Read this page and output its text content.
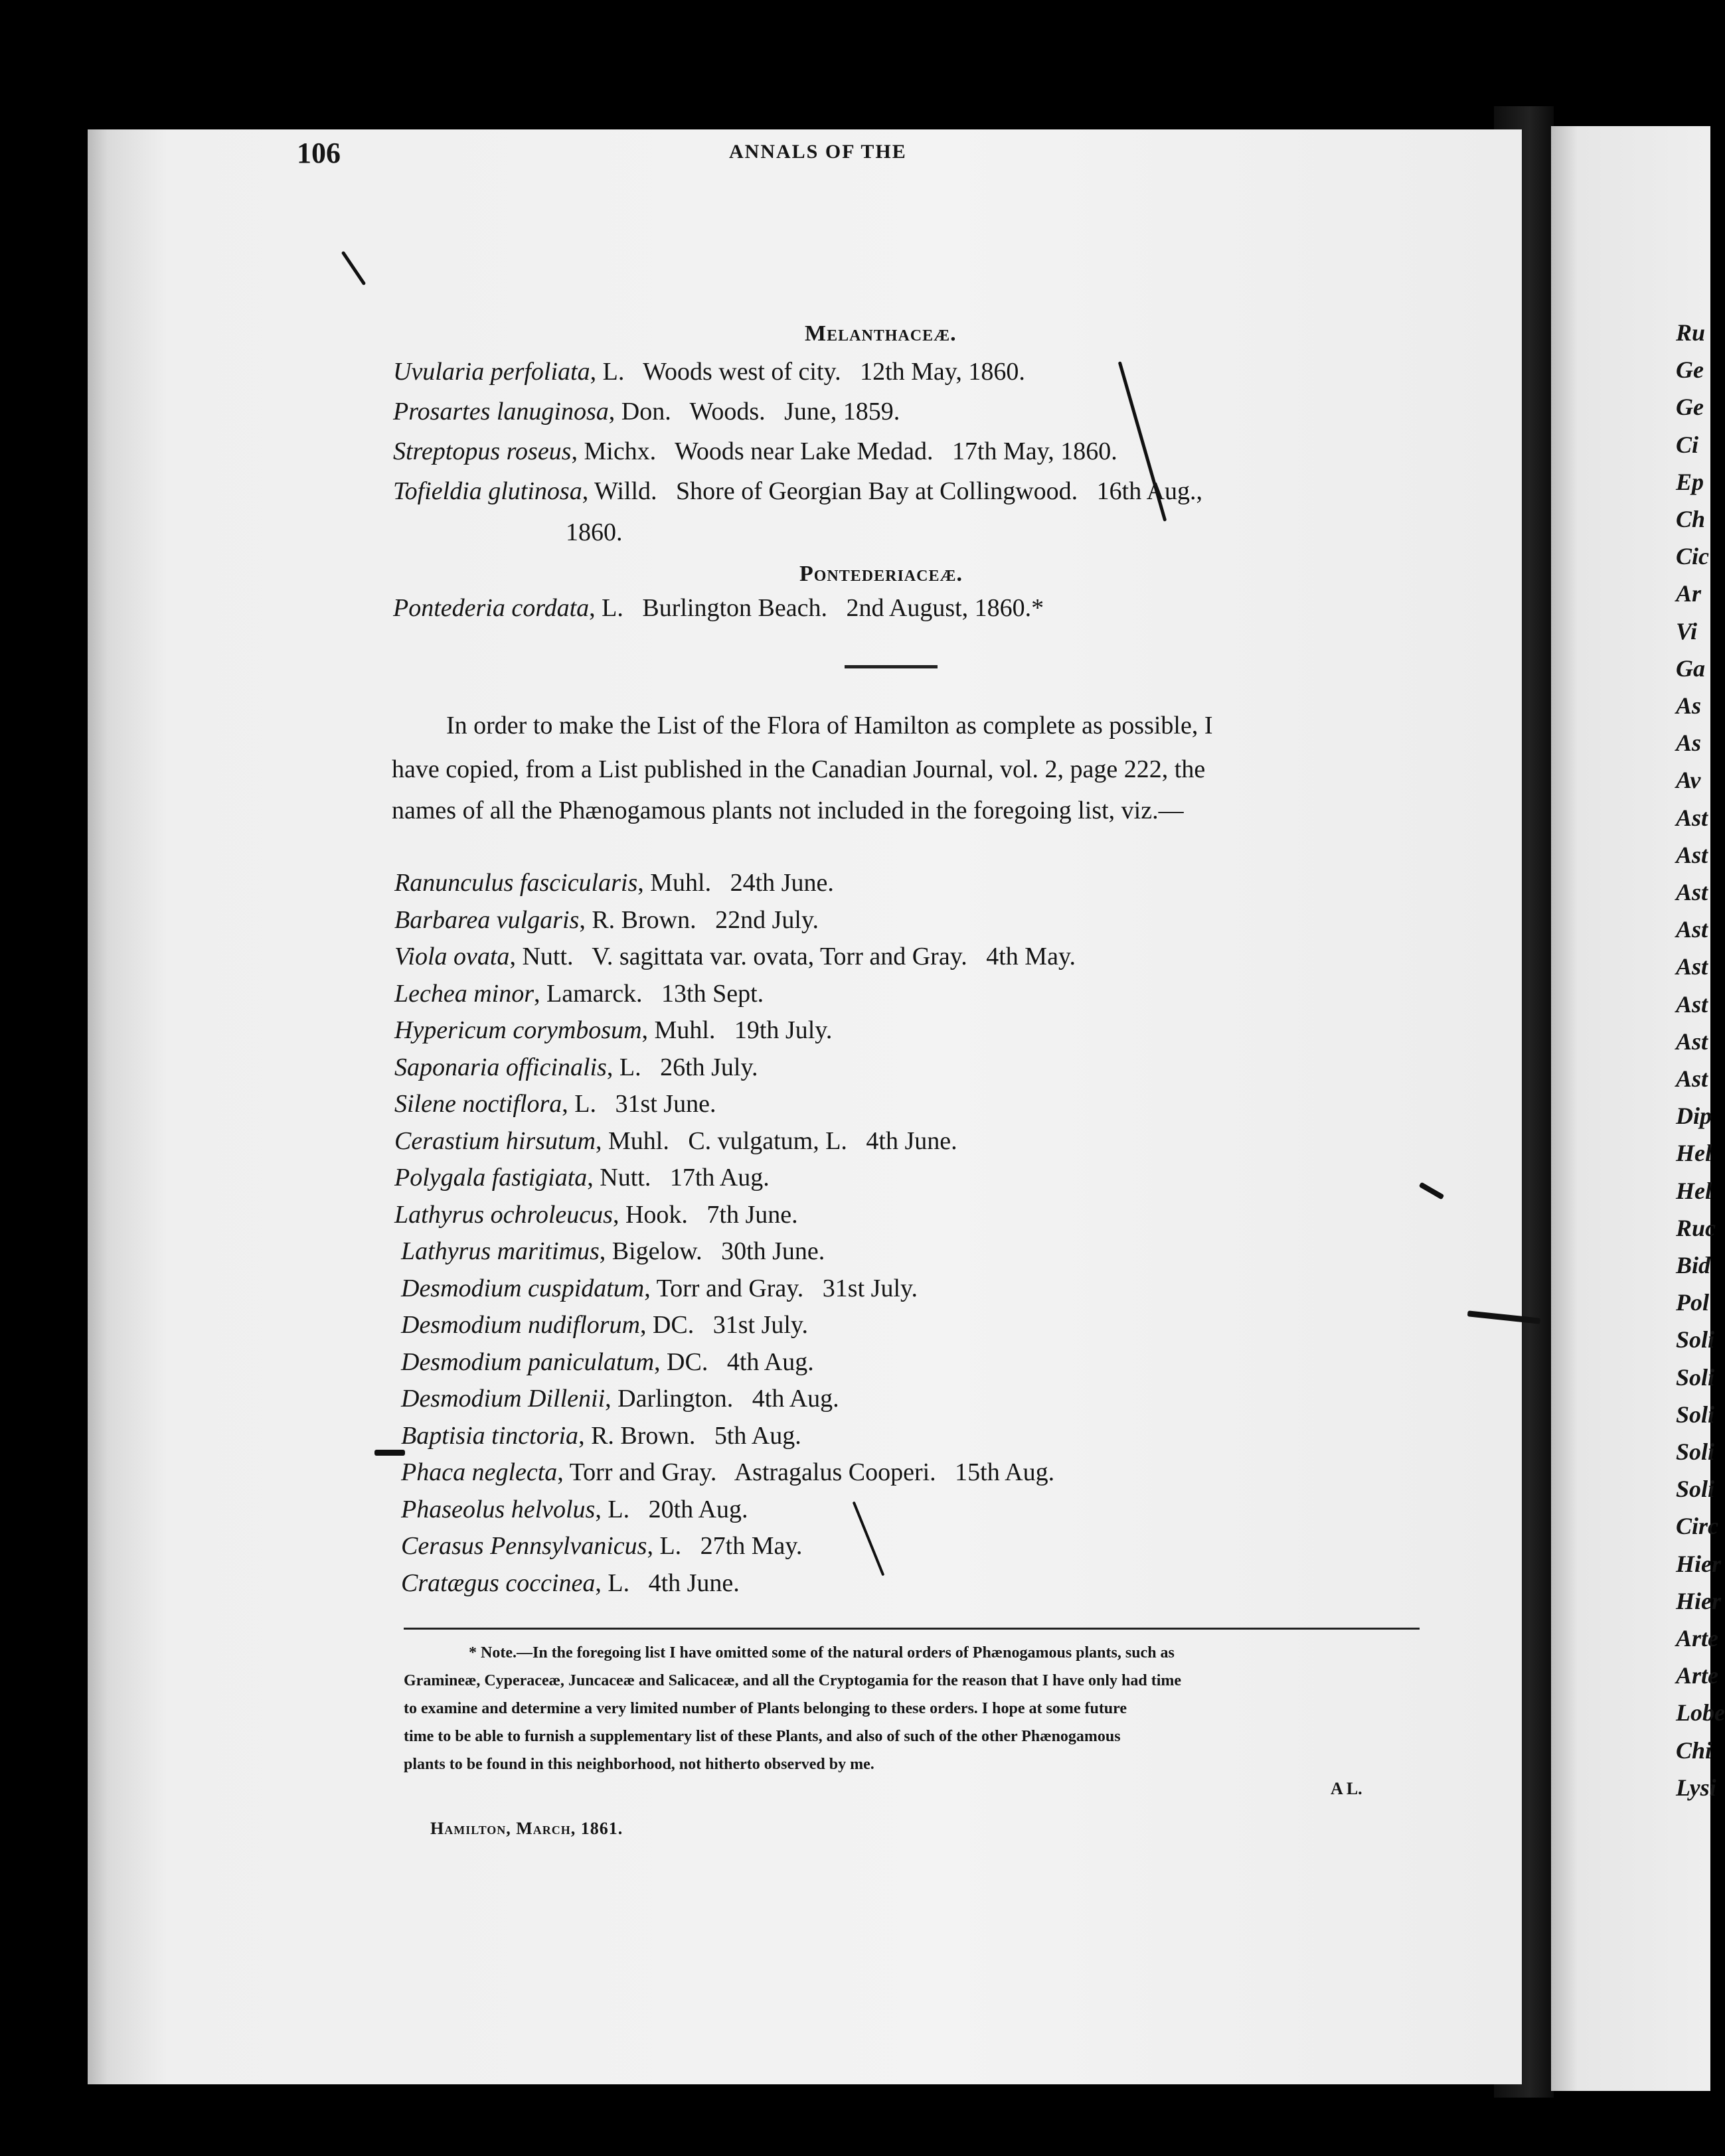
Ru
Ge
Ge
Ci
Ep
Ch
Cic
Ar
Vi
Ga
As
As
Av
Ast
Ast
Ast
Ast
Ast
Ast
Ast
Ast
Dip
Hel
Hel
Ruc
Bid
Pol
Soli
Soli
Soli
Soli
Soli
Circ
Hier
Hier
Arte
Arte
Lobe
Chi
Lysi
106	ANNALS OF THE
Melanthaceæ.
Uvularia perfoliata, L.   Woods west of city.   12th May, 1860.
Prosartes lanuginosa, Don.   Woods.   June, 1859.
Streptopus roseus, Michx.   Woods near Lake Medad.   17th May, 1860.
Tofieldia glutinosa, Willd.   Shore of Georgian Bay at Collingwood.   16th Aug.,
1860.
Pontederiaceæ.
Pontederia cordata, L.   Burlington Beach.   2nd August, 1860.*
In order to make the List of the Flora of Hamilton as complete as possible, I
have copied, from a List published in the Canadian Journal, vol. 2, page 222, the
names of all the Phænogamous plants not included in the foregoing list, viz.—
Ranunculus fascicularis, Muhl.   24th June.
Barbarea vulgaris, R. Brown.   22nd July.
Viola ovata, Nutt.   V. sagittata var. ovata, Torr and Gray.   4th May.
Lechea minor, Lamarck.   13th Sept.
Hypericum corymbosum, Muhl.   19th July.
Saponaria officinalis, L.   26th July.
Silene noctiflora, L.   31st June.
Cerastium hirsutum, Muhl.   C. vulgatum, L.   4th June.
Polygala fastigiata, Nutt.   17th Aug.
Lathyrus ochroleucus, Hook.   7th June.
Lathyrus maritimus, Bigelow.   30th June.
Desmodium cuspidatum, Torr and Gray.   31st July.
Desmodium nudiflorum, DC.   31st July.
Desmodium paniculatum, DC.   4th Aug.
Desmodium Dillenii, Darlington.   4th Aug.
Baptisia tinctoria, R. Brown.   5th Aug.
Phaca neglecta, Torr and Gray.   Astragalus Cooperi.   15th Aug.
Phaseolus helvolus, L.   20th Aug.
Cerasus Pennsylvanicus, L.   27th May.
Cratægus coccinea, L.   4th June.
* Note.—In the foregoing list I have omitted some of the natural orders of Phænogamous plants, such as
Gramineæ, Cyperaceæ, Juncaceæ and Salicaceæ, and all the Cryptogamia for the reason that I have only had time
to examine and determine a very limited number of Plants belonging to these orders. I hope at some future
time to be able to furnish a supplementary list of these Plants, and also of such of the other Phænogamous
plants to be found in this neighborhood, not hitherto observed by me.
A L.
Hamilton, March, 1861.
